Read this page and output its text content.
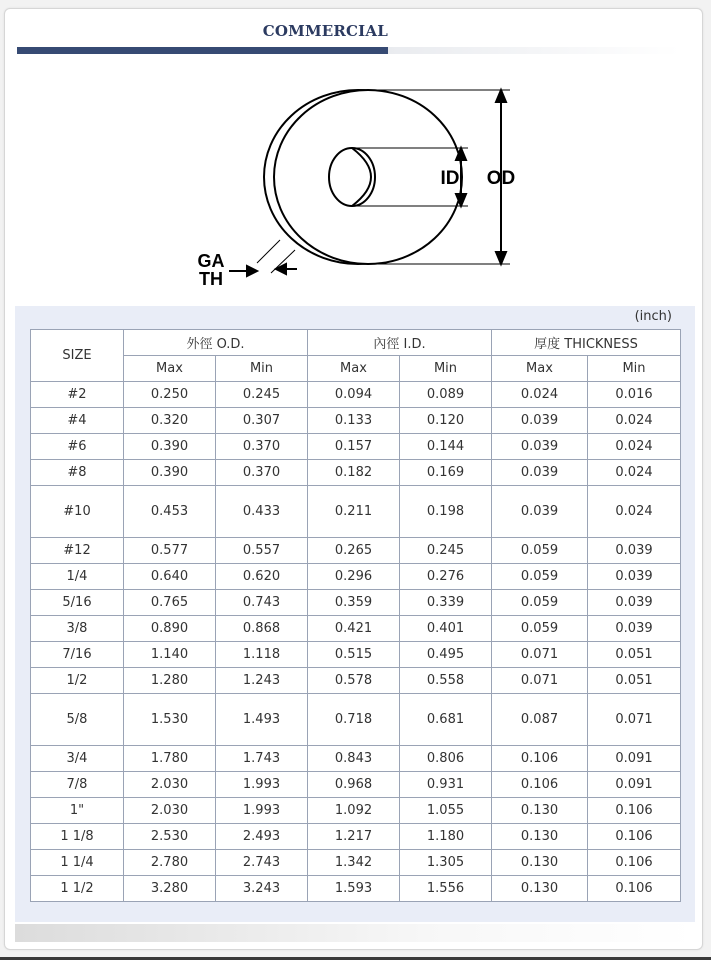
COMMERCIAL
ID OD
GA
TH
(inch)
SIZE	外徑 O.D.		內徑 I.D.		厚度 THICKNESS	
	Max	Min	Max	Min	Max	Min
#2	0.250	0.245	0.094	0.089	0.024	0.016
#4	0.320	0.307	0.133	0.120	0.039	0.024
#6	0.390	0.370	0.157	0.144	0.039	0.024
#8	0.390	0.370	0.182	0.169	0.039	0.024
#10	0.453	0.433	0.211	0.198	0.039	0.024
#12	0.577	0.557	0.265	0.245	0.059	0.039
1/4	0.640	0.620	0.296	0.276	0.059	0.039
5/16	0.765	0.743	0.359	0.339	0.059	0.039
3/8	0.890	0.868	0.421	0.401	0.059	0.039
7/16	1.140	1.118	0.515	0.495	0.071	0.051
1/2	1.280	1.243	0.578	0.558	0.071	0.051
5/8	1.530	1.493	0.718	0.681	0.087	0.071
3/4	1.780	1.743	0.843	0.806	0.106	0.091
7/8	2.030	1.993	0.968	0.931	0.106	0.091
1"	2.030	1.993	1.092	1.055	0.130	0.106
1 1/8	2.530	2.493	1.217	1.180	0.130	0.106
1 1/4	2.780	2.743	1.342	1.305	0.130	0.106
1 1/2	3.280	3.243	1.593	1.556	0.130	0.106
